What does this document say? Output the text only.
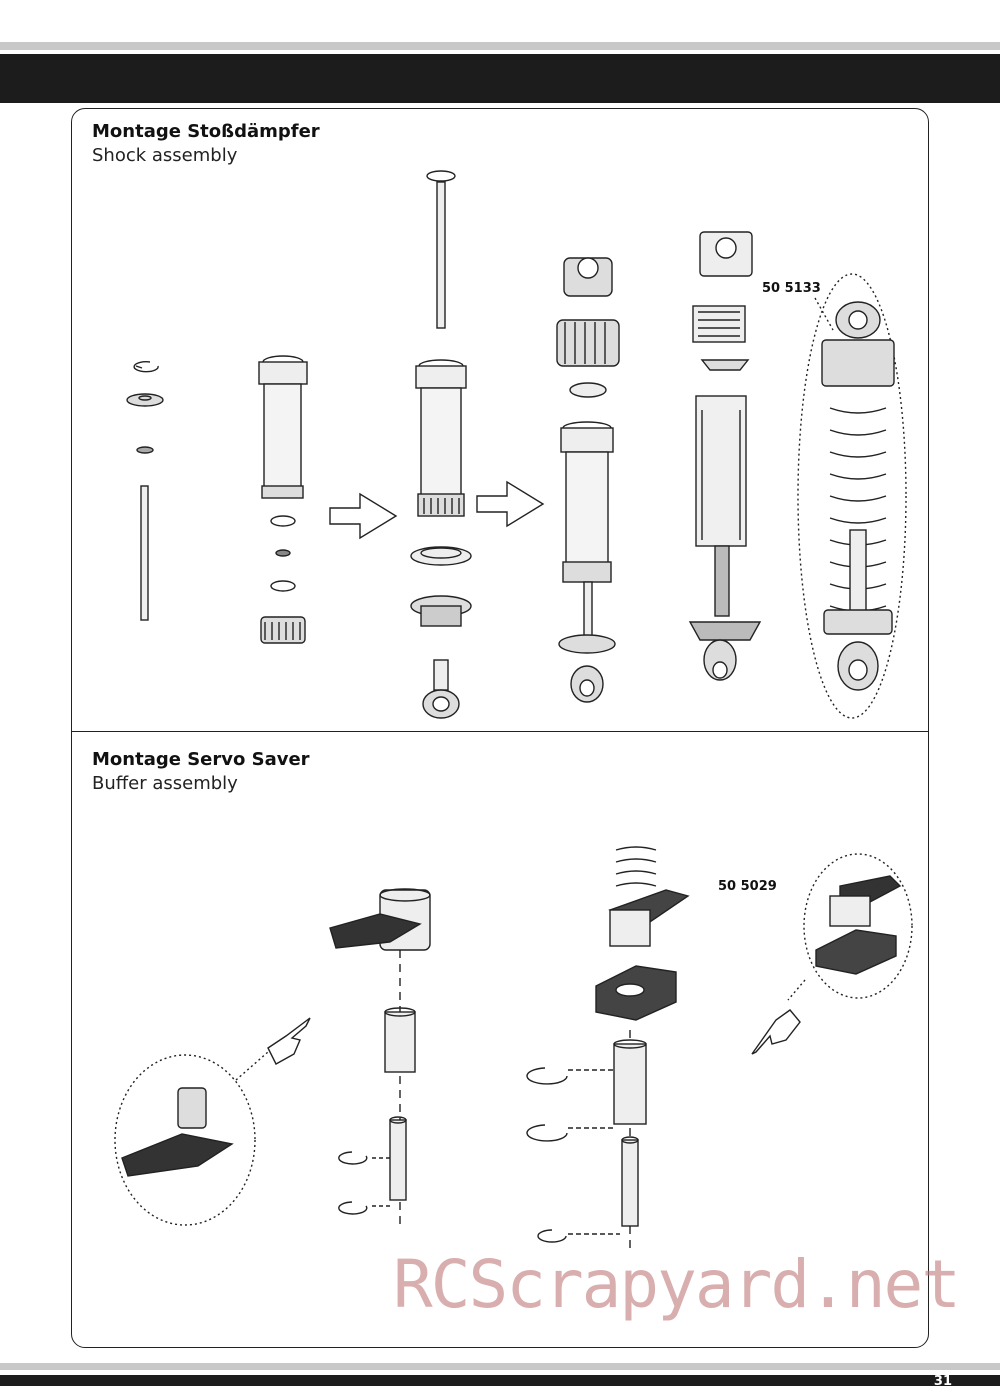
Montage Stoßdämpfer
Shock assembly
Montage Servo Saver
Buffer assembly
50 5133
50 5029
RCScrapyard.net
31
